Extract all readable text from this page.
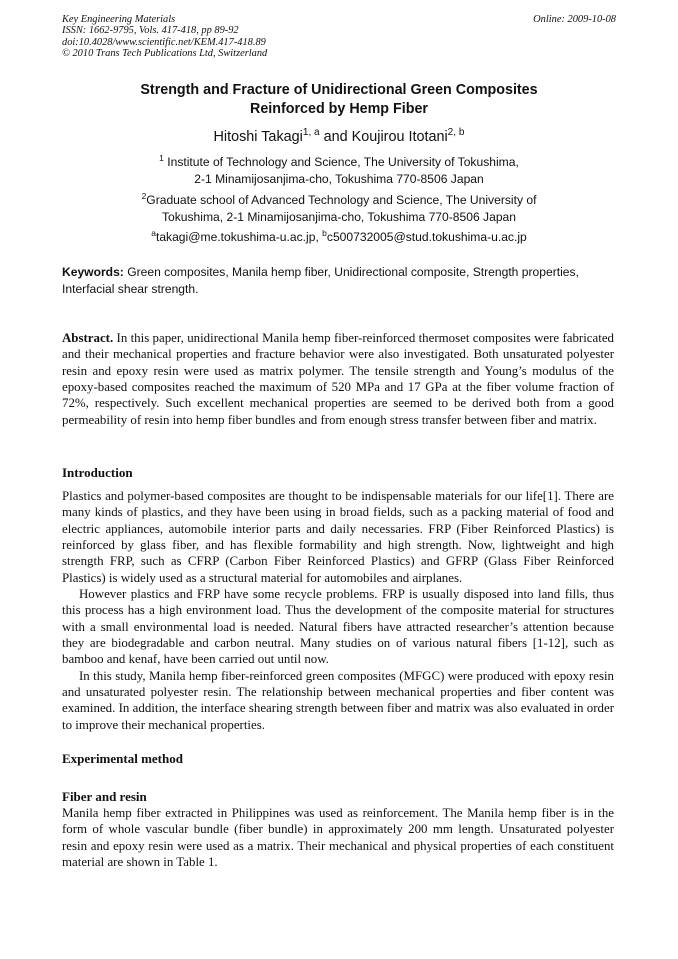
Key Engineering Materials
ISSN: 1662-9795, Vols. 417-418, pp 89-92
doi:10.4028/www.scientific.net/KEM.417-418.89
© 2010 Trans Tech Publications Ltd, Switzerland
Online: 2009-10-08
Strength and Fracture of Unidirectional Green Composites
Reinforced by Hemp Fiber
Hitoshi Takagi$^{1, a}$ and Koujirou Itotani$^{2, b}$
$^1$ Institute of Technology and Science, The University of Tokushima,
2-1 Minamijosanjima-cho, Tokushima 770-8506 Japan
$^2$Graduate school of Advanced Technology and Science, The University of
Tokushima, 2-1 Minamijosanjima-cho, Tokushima 770-8506 Japan
$^a$takagi@me.tokushima-u.ac.jp, $^b$c500732005@stud.tokushima-u.ac.jp
Keywords: Green composites, Manila hemp fiber, Unidirectional composite, Strength properties, Interfacial shear strength.
Abstract. In this paper, unidirectional Manila hemp fiber-reinforced thermoset composites were fabricated and their mechanical properties and fracture behavior were also investigated. Both unsaturated polyester resin and epoxy resin were used as matrix polymer. The tensile strength and Young’s modulus of the epoxy-based composites reached the maximum of 520 MPa and 17 GPa at the fiber volume fraction of 72%, respectively. Such excellent mechanical properties are seemed to be derived both from a good permeability of resin into hemp fiber bundles and from enough stress transfer between fiber and matrix.
Introduction
Plastics and polymer-based composites are thought to be indispensable materials for our life[1]. There are many kinds of plastics, and they have been using in broad fields, such as a packing material of food and electric appliances, automobile interior parts and daily necessaries. FRP (Fiber Reinforced Plastics) is reinforced by glass fiber, and has flexible formability and high strength. Now, lightweight and high strength FRP, such as CFRP (Carbon Fiber Reinforced Plastics) and GFRP (Glass Fiber Reinforced Plastics) is widely used as a structural material for automobiles and airplanes.
However plastics and FRP have some recycle problems. FRP is usually disposed into land fills, thus this process has a high environment load. Thus the development of the composite material for structures with a small environmental load is needed. Natural fibers have attracted researcher’s attention because they are biodegradable and carbon neutral. Many studies on of various natural fibers [1-12], such as bamboo and kenaf, have been carried out until now.
In this study, Manila hemp fiber-reinforced green composites (MFGC) were produced with epoxy resin and unsaturated polyester resin. The relationship between mechanical properties and fiber content was examined. In addition, the interface shearing strength between fiber and matrix was also evaluated in order to improve their mechanical properties.
Experimental method
Fiber and resin
Manila hemp fiber extracted in Philippines was used as reinforcement. The Manila hemp fiber is in the form of whole vascular bundle (fiber bundle) in approximately 200 mm length. Unsaturated polyester resin and epoxy resin were used as a matrix. Their mechanical and physical properties of each constituent material are shown in Table 1.
